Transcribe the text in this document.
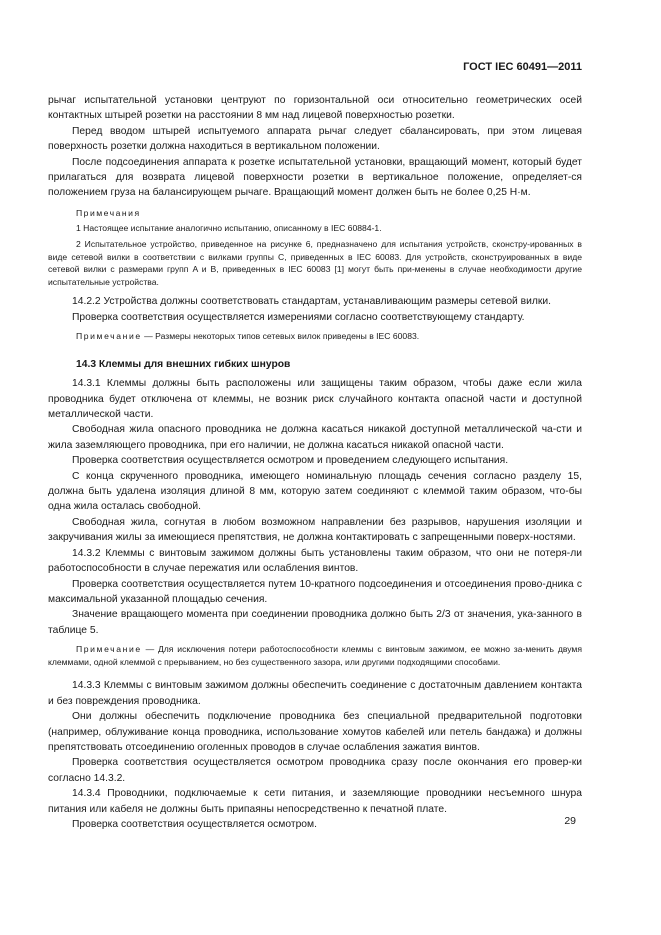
ГОСТ IEC 60491—2011
рычаг испытательной установки центруют по горизонтальной оси относительно геометрических осей контактных штырей розетки на расстоянии 8 мм над лицевой поверхностью розетки.
Перед вводом штырей испытуемого аппарата рычаг следует сбалансировать, при этом лицевая поверхность розетки должна находиться в вертикальном положении.
После подсоединения аппарата к розетке испытательной установки, вращающий момент, который будет прилагаться для возврата лицевой поверхности розетки в вертикальное положение, определяет-ся положением груза на балансирующем рычаге. Вращающий момент должен быть не более 0,25 Н·м.
Примечания
1 Настоящее испытание аналогично испытанию, описанному в IEC 60884-1.
2 Испытательное устройство, приведенное на рисунке 6, предназначено для испытания устройств, сконстру-ированных в виде сетевой вилки в соответствии с вилками группы C, приведенных в IEC 60083. Для устройств, сконструированных в виде сетевой вилки с размерами групп A и B, приведенных в IEC 60083 [1] могут быть при-менены в случае необходимости другие испытательные устройства.
14.2.2 Устройства должны соответствовать стандартам, устанавливающим размеры сетевой вилки.
Проверка соответствия осуществляется измерениями согласно соответствующему стандарту.
Примечание — Размеры некоторых типов сетевых вилок приведены в IEC 60083.
14.3 Клеммы для внешних гибких шнуров
14.3.1 Клеммы должны быть расположены или защищены таким образом, чтобы даже если жила проводника будет отключена от клеммы, не возник риск случайного контакта опасной части и доступной металлической части.
Свободная жила опасного проводника не должна касаться никакой доступной металлической ча-сти и жила заземляющего проводника, при его наличии, не должна касаться никакой опасной части.
Проверка соответствия осуществляется осмотром и проведением следующего испытания.
С конца скрученного проводника, имеющего номинальную площадь сечения согласно разделу 15, должна быть удалена изоляция длиной 8 мм, которую затем соединяют с клеммой таким образом, что-бы одна жила осталась свободной.
Свободная жила, согнутая в любом возможном направлении без разрывов, нарушения изоляции и закручивания жилы за имеющиеся препятствия, не должна контактировать с запрещенными поверх-ностями.
14.3.2 Клеммы с винтовым зажимом должны быть установлены таким образом, что они не потеря-ли работоспособности в случае пережатия или ослабления винтов.
Проверка соответствия осуществляется путем 10-кратного подсоединения и отсоединения прово-дника с максимальной указанной площадью сечения.
Значение вращающего момента при соединении проводника должно быть 2/3 от значения, ука-занного в таблице 5.
Примечание — Для исключения потери работоспособности клеммы с винтовым зажимом, ее можно за-менить двумя клеммами, одной клеммой с прерыванием, но без существенного зазора, или другими подходящими способами.
14.3.3 Клеммы с винтовым зажимом должны обеспечить соединение с достаточным давлением контакта и без повреждения проводника.
Они должны обеспечить подключение проводника без специальной предварительной подготовки (например, облуживание конца проводника, использование хомутов кабелей или петель бандажа) и должны препятствовать отсоединению оголенных проводов в случае ослабления зажатия винтов.
Проверка соответствия осуществляется осмотром проводника сразу после окончания его провер-ки согласно 14.3.2.
14.3.4 Проводники, подключаемые к сети питания, и заземляющие проводники несъемного шнура питания или кабеля не должны быть припаяны непосредственно к печатной плате.
Проверка соответствия осуществляется осмотром.	29
